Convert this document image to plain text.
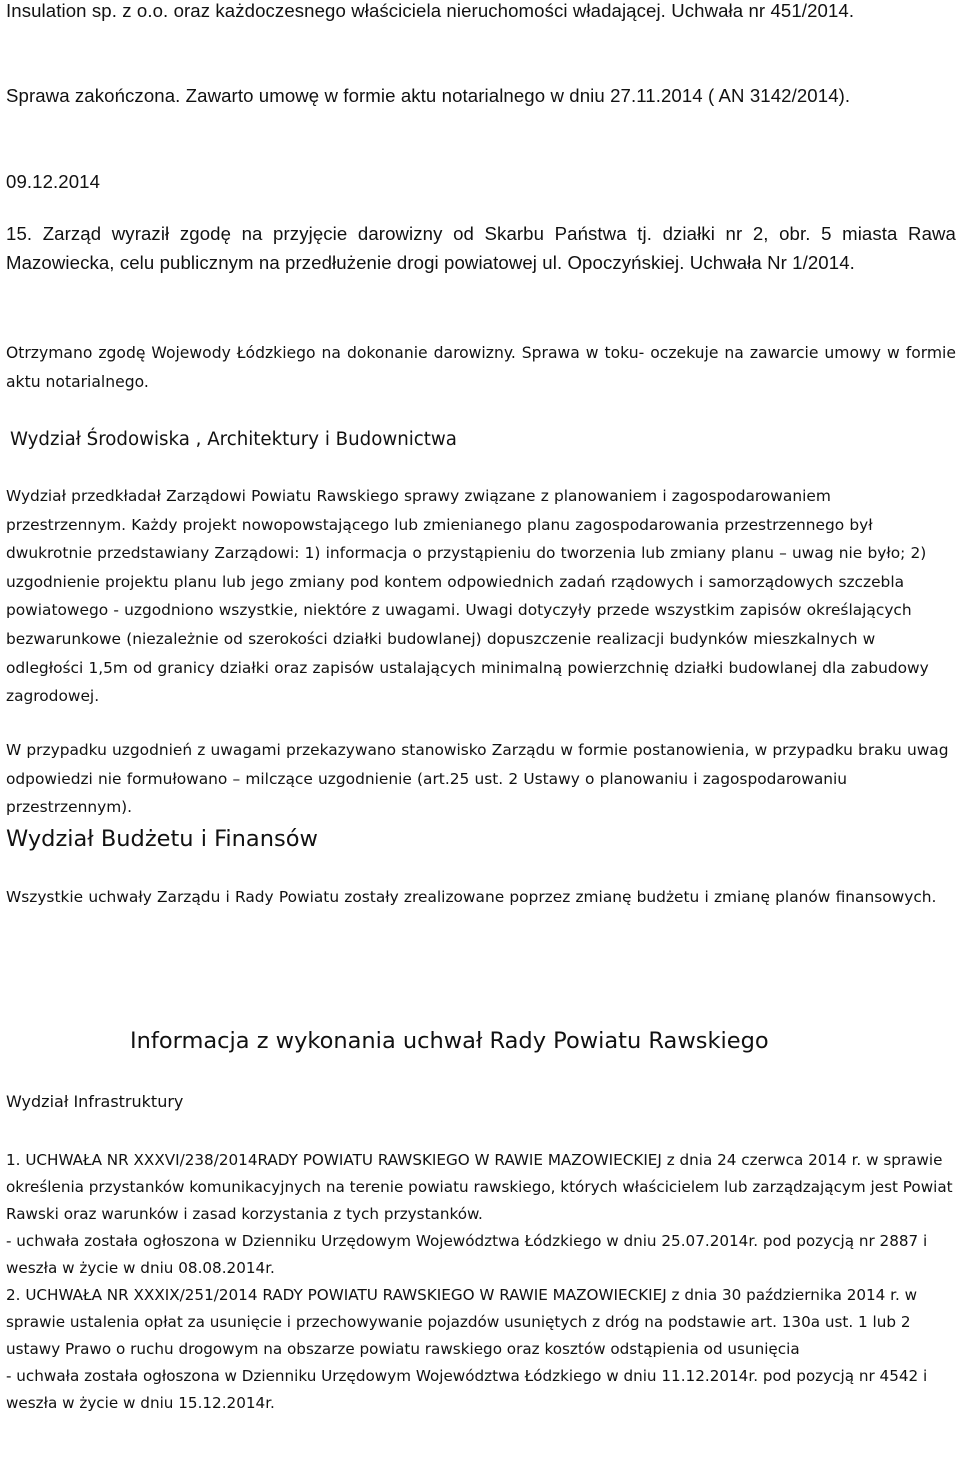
Insulation sp. z o.o. oraz każdoczesnego właściciela nieruchomości władającej. Uchwała nr 451/2014.

Sprawa zakończona. Zawarto umowę w formie aktu notarialnego w dniu 27.11.2014 ( AN 3142/2014).

09.12.2014

15. Zarząd wyraził zgodę na przyjęcie darowizny od Skarbu Państwa tj. działki nr 2, obr. 5 miasta Rawa Mazowiecka, celu publicznym na przedłużenie drogi powiatowej ul. Opoczyńskiej. Uchwała Nr 1/2014.

Otrzymano zgodę Wojewody Łódzkiego na dokonanie darowizny. Sprawa w toku- oczekuje na zawarcie umowy w formie aktu notarialnego.

Wydział Środowiska , Architektury i Budownictwa

Wydział przedkładał Zarządowi Powiatu Rawskiego sprawy związane z planowaniem i zagospodarowaniem przestrzennym. Każdy projekt nowopowstającego lub zmienianego planu zagospodarowania przestrzennego był dwukrotnie przedstawiany Zarządowi: 1) informacja o przystąpieniu do tworzenia lub zmiany planu – uwag nie było; 2) uzgodnienie projektu planu lub jego zmiany pod kontem odpowiednich zadań rządowych i samorządowych szczebla powiatowego - uzgodniono wszystkie, niektóre z uwagami. Uwagi dotyczyły przede wszystkim zapisów określających bezwarunkowe (niezależnie od szerokości działki budowlanej) dopuszczenie realizacji budynków mieszkalnych w odległości 1,5m od granicy działki oraz zapisów ustalających minimalną powierzchnię działki budowlanej dla zabudowy zagrodowej.

W przypadku uzgodnień z uwagami przekazywano stanowisko Zarządu w formie postanowienia, w przypadku braku uwag odpowiedzi nie formułowano – milczące uzgodnienie (art.25 ust. 2 Ustawy o planowaniu i zagospodarowaniu przestrzennym).

Wydział Budżetu i Finansów

Wszystkie uchwały Zarządu i Rady Powiatu zostały zrealizowane poprzez zmianę budżetu i zmianę planów finansowych.

Informacja z wykonania uchwał Rady Powiatu Rawskiego

Wydział Infrastruktury

1. UCHWAŁA NR XXXVI/238/2014RADY POWIATU RAWSKIEGO W RAWIE MAZOWIECKIEJ z dnia 24 czerwca 2014 r. w sprawie określenia przystanków komunikacyjnych na terenie powiatu rawskiego, których właścicielem lub zarządzającym jest Powiat Rawski oraz warunków i zasad korzystania z tych przystanków.
- uchwała została ogłoszona w Dzienniku Urzędowym Województwa Łódzkiego w dniu 25.07.2014r. pod pozycją nr 2887 i weszła w życie w dniu 08.08.2014r.
2. UCHWAŁA NR XXXIX/251/2014 RADY POWIATU RAWSKIEGO W RAWIE MAZOWIECKIEJ z dnia 30 października 2014 r. w sprawie ustalenia opłat za usunięcie i przechowywanie pojazdów usuniętych z dróg na podstawie art. 130a ust. 1 lub 2 ustawy Prawo o ruchu drogowym na obszarze powiatu rawskiego oraz kosztów odstąpienia od usunięcia
- uchwała została ogłoszona w Dzienniku Urzędowym Województwa Łódzkiego w dniu 11.12.2014r. pod pozycją nr 4542 i weszła w życie w dniu 15.12.2014r.
